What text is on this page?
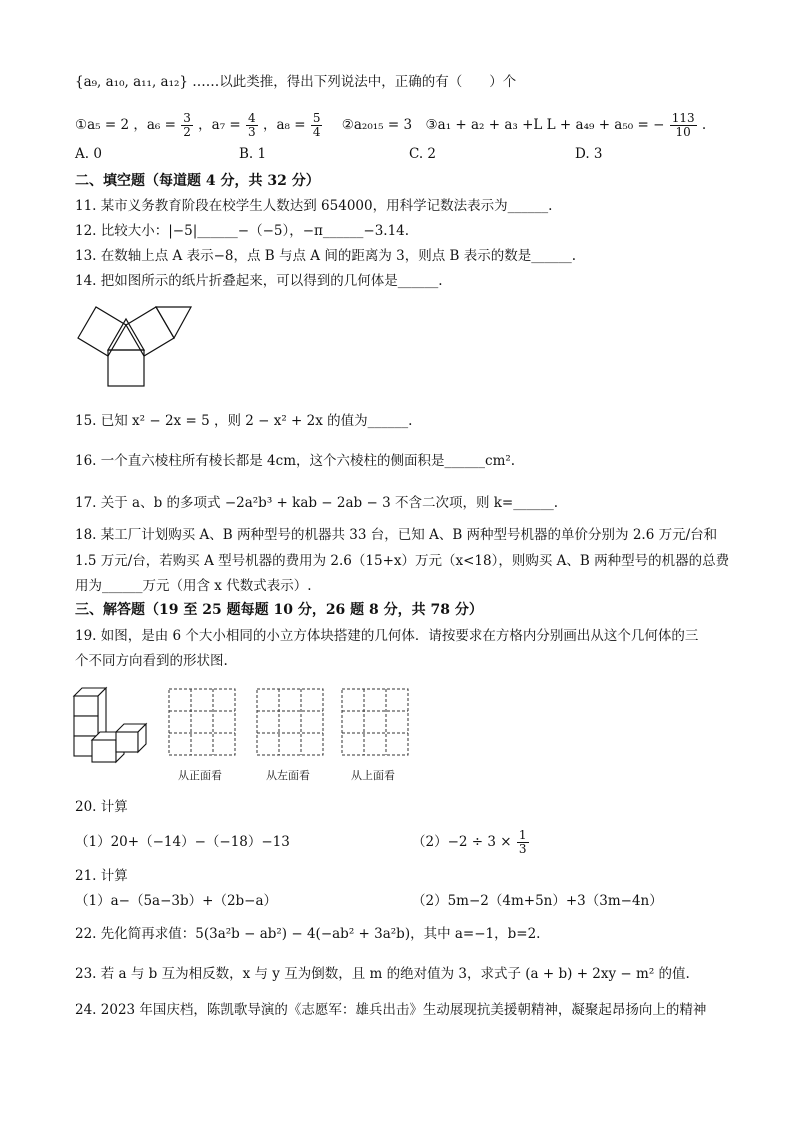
{a₉, a₁₀, a₁₁, a₁₂} ……以此类推，得出下列说法中，正确的有（　　）个
①a₅ = 2 ，$a_6 = \frac{3}{2}$ ，$a_7 = \frac{4}{3}$ ，$a_8 = \frac{5}{4}$ ②a₂₀₁₅ = 3　③a₁ + a₂ + a₃ +L L + a₄₉ + a₅₀ = − $\frac{113}{10}$ .
A. 0	B. 1	C. 2	D. 3
二、填空题（每道题 4 分，共 32 分）
11. 某市义务教育阶段在校学生人数达到 654000，用科学记数法表示为______.
12. 比较大小：|−5|______−（−5），−π______−3.14.
13. 在数轴上点 A 表示−8，点 B 与点 A 间的距离为 3，则点 B 表示的数是______.
14. 把如图所示的纸片折叠起来，可以得到的几何体是______.
15. 已知 x² − 2x = 5 ，则 2 − x² + 2x 的值为______.
16. 一个直六棱柱所有棱长都是 4cm，这个六棱柱的侧面积是______cm².
17. 关于 a、b 的多项式 −2a²b³ + kab − 2ab − 3 不含二次项，则 k=______.
18. 某工厂计划购买 A、B 两种型号的机器共 33 台，已知 A、B 两种型号机器的单价分别为 2.6 万元/台和
1.5 万元/台，若购买 A 型号机器的费用为 2.6（15+x）万元（x<18），则购买 A、B 两种型号的机器的总费
用为______万元（用含 x 代数式表示）.
三、解答题（19 至 25 题每题 10 分，26 题 8 分，共 78 分）
19. 如图，是由 6 个大小相同的小立方体块搭建的几何体．请按要求在方格内分别画出从这个几何体的三
个不同方向看到的形状图.
从正面看	从左面看	从上面看
20. 计算
（1）20+（−14）−（−18）−13	$(2)-2 \div 3 \times \frac{1}{3}$
21. 计算
（1）a−（5a−3b）+（2b−a）	（2）5m−2（4m+5n）+3（3m−4n）
22. 先化简再求值：5(3a²b − ab²) − 4(−ab² + 3a²b)，其中 a=−1，b=2.
23. 若 a 与 b 互为相反数，x 与 y 互为倒数，且 m 的绝对值为 3，求式子 (a + b) + 2xy − m² 的值.
24. 2023 年国庆档，陈凯歌导演的《志愿军：雄兵出击》生动展现抗美援朝精神，凝聚起昂扬向上的精神
